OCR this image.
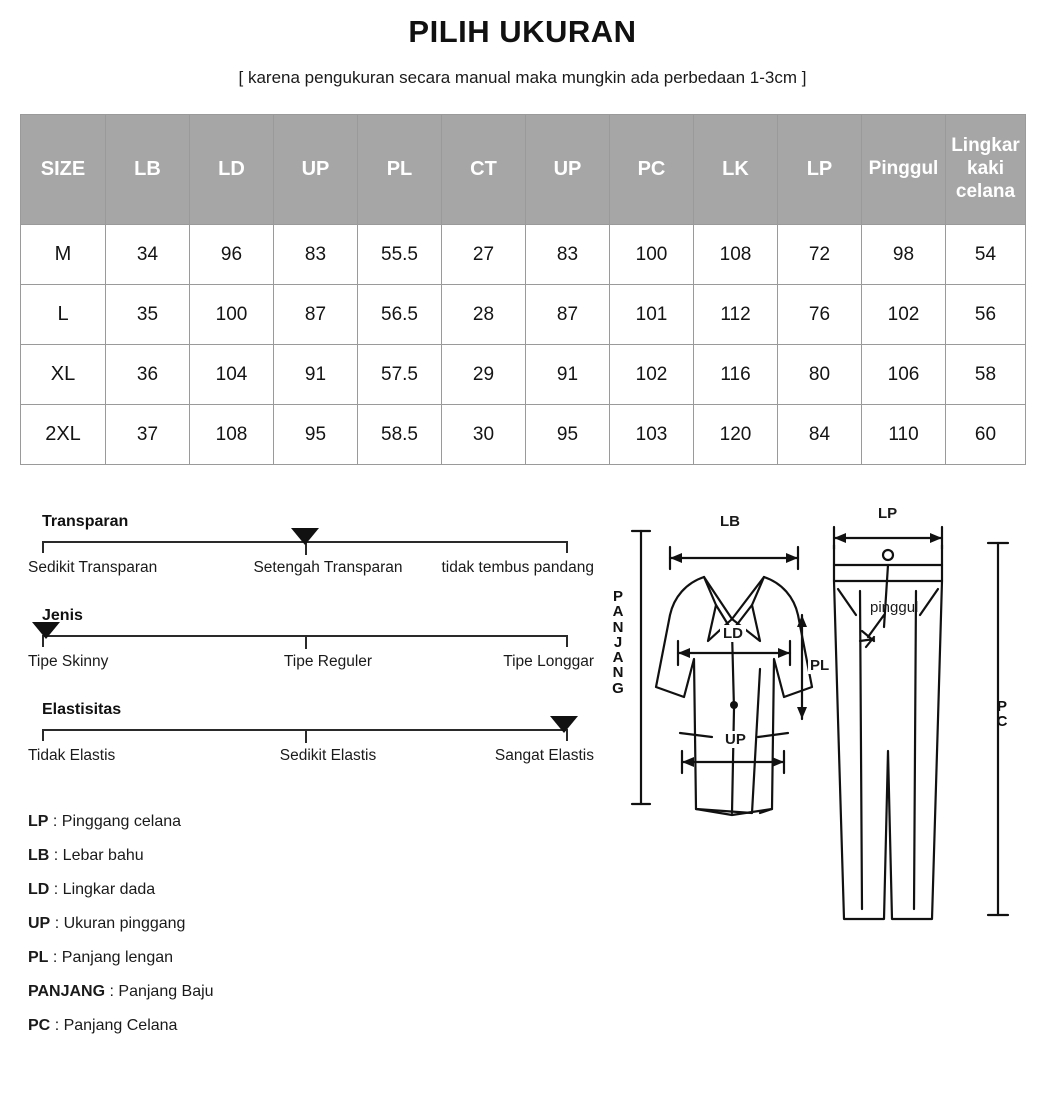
PILIH UKURAN
[ karena pengukuran secara manual maka mungkin ada perbedaan 1-3cm ]
SIZE	LB	LD	UP	PL	CT	UP	PC	LK	LP	Pinggul	Lingkar kaki celana
M	34	96	83	55.5	27	83	100	108	72	98	54
L	35	100	87	56.5	28	87	101	112	76	102	56
XL	36	104	91	57.5	29	91	102	116	80	106	58
2XL	37	108	95	58.5	30	95	103	120	84	110	60
Transparan
Sedikit Transparan	Setengah Transparan	tidak tembus pandang
Jenis
Tipe Skinny	Tipe Reguler	Tipe Longgar
Elastisitas
Tidak Elastis	Sedikit Elastis	Sangat Elastis
LP : Pinggang celana
LB : Lebar bahu
LD : Lingkar dada
UP : Ukuran pinggang
PL : Panjang lengan
PANJANG : Panjang Baju
PC : Panjang Celana
P
A
N
J
A
N
G
P
C
LB	LP
LD
PL
UP
pinggul
